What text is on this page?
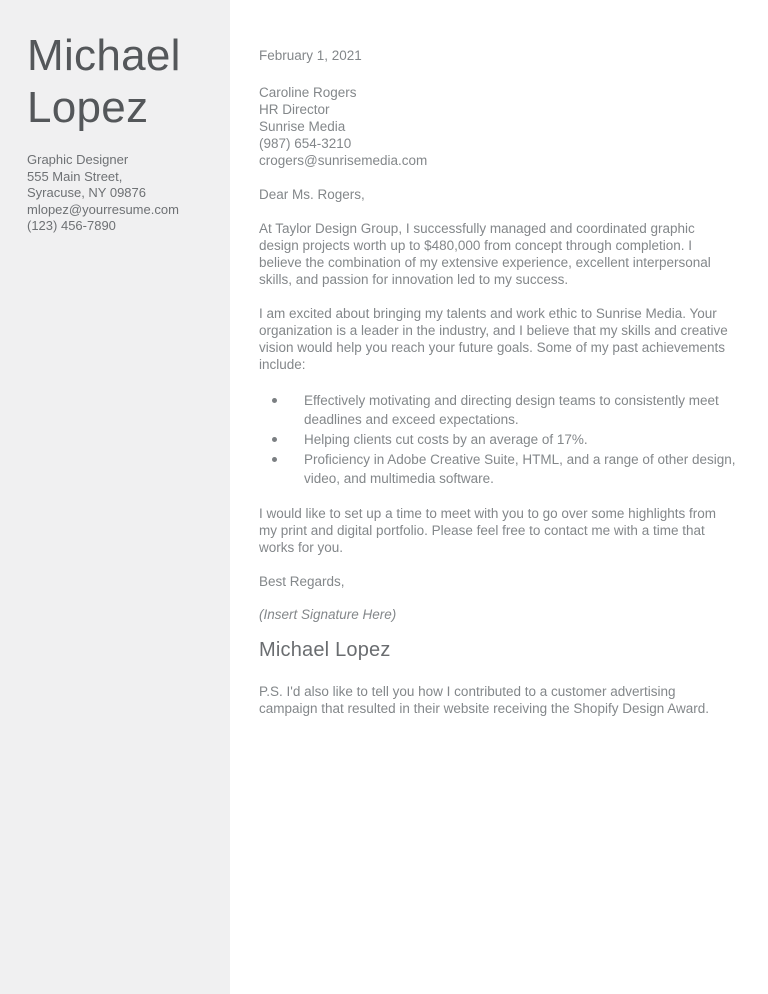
Michael
Lopez
Graphic Designer
555 Main Street,
Syracuse, NY 09876
mlopez@yourresume.com
(123) 456-7890

February 1, 2021

Caroline Rogers
HR Director
Sunrise Media
(987) 654-3210
crogers@sunrisemedia.com

Dear Ms. Rogers,

At Taylor Design Group, I successfully managed and coordinated graphic design projects worth up to $480,000 from concept through completion. I believe the combination of my extensive experience, excellent interpersonal skills, and passion for innovation led to my success.

I am excited about bringing my talents and work ethic to Sunrise Media. Your organization is a leader in the industry, and I believe that my skills and creative vision would help you reach your future goals. Some of my past achievements include:

Effectively motivating and directing design teams to consistently meet deadlines and exceed expectations.
Helping clients cut costs by an average of 17%.
Proficiency in Adobe Creative Suite, HTML, and a range of other design, video, and multimedia software.

I would like to set up a time to meet with you to go over some highlights from my print and digital portfolio. Please feel free to contact me with a time that works for you.

Best Regards,

(Insert Signature Here)

Michael Lopez

P.S. I'd also like to tell you how I contributed to a customer advertising campaign that resulted in their website receiving the Shopify Design Award.
